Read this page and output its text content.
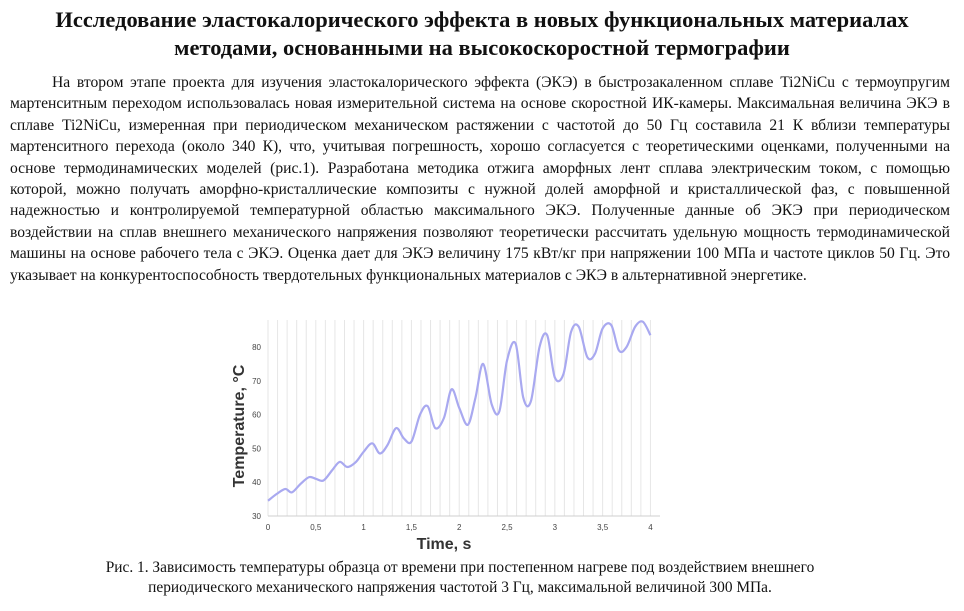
Исследование эластокалорического эффекта в новых функциональных материалах
методами, основанными на высокоскоростной термографии
На втором этапе проекта для изучения эластокалорического эффекта (ЭКЭ) в быстрозакаленном сплаве Ti2NiCu с термоупругим мартенситным переходом использовалась новая измерительной система на основе скоростной ИК-камеры. Максимальная величина ЭКЭ в сплаве Ti2NiCu, измеренная при периодическом механическом растяжении с частотой до 50 Гц составила 21 К вблизи температуры мартенситного перехода (около 340 К), что, учитывая погрешность, хорошо согласуется с теоретическими оценками, полученными на основе термодинамических моделей (рис.1). Разработана методика отжига аморфных лент сплава электрическим током, с помощью которой, можно получать аморфно-кристаллические композиты с нужной долей аморфной и кристаллической фаз, с повышенной надежностью и контролируемой температурной областью максимального ЭКЭ. Полученные данные об ЭКЭ при периодическом воздействии на сплав внешнего механического напряжения позволяют теоретически рассчитать удельную мощность термодинамической машины на основе рабочего тела с ЭКЭ. Оценка дает для ЭКЭ величину 175 кВт/кг при напряжении 100 МПа и частоте циклов 50 Гц. Это указывает на конкурентоспособность твердотельных функциональных материалов с ЭКЭ в альтернативной энергетике.
0	0,5	1	1,5	2	2,5	3	3,5	4
30
40
50
60
70
80
Time, s
Temperature, °C
Рис. 1. Зависимость температуры образца от времени при постепенном нагреве под воздействием внешнего
периодического механического напряжения частотой 3 Гц, максимальной величиной 300 МПа.
